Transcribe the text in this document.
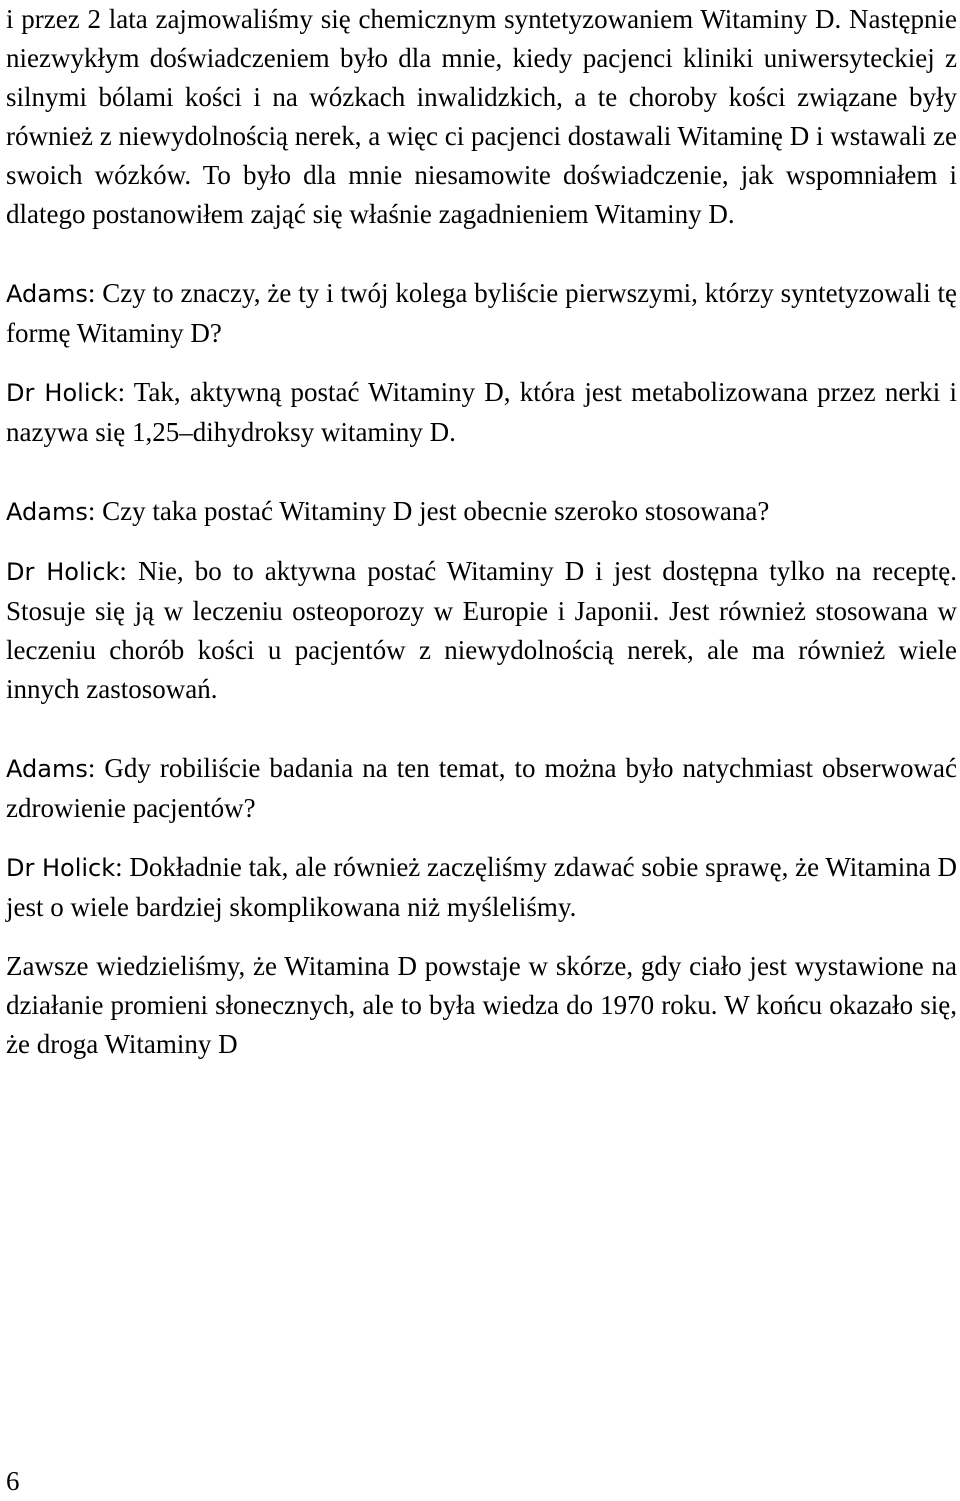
i przez 2 lata zajmowaliśmy się chemicznym syntetyzowaniem Witaminy D. Następnie niezwykłym doświadczeniem było dla mnie, kiedy pacjenci kliniki uniwersyteckiej z silnymi bólami kości i na wózkach inwalidzkich, a te choroby kości związane były również z niewydolnością nerek, a więc ci pacjenci dostawali Witaminę D i wstawali ze swoich wózków. To było dla mnie niesamowite doświadczenie, jak wspomniałem i dlatego postanowiłem zająć się właśnie zagadnieniem Witaminy D.

Adams: Czy to znaczy, że ty i twój kolega byliście pierwszymi, którzy syntetyzowali tę formę Witaminy D?

Dr Holick: Tak, aktywną postać Witaminy D, która jest metabolizowana przez nerki i nazywa się 1,25–dihydroksy witaminy D.

Adams: Czy taka postać Witaminy D jest obecnie szeroko stosowana?

Dr Holick: Nie, bo to aktywna postać Witaminy D i jest dostępna tylko na receptę. Stosuje się ją w leczeniu osteoporozy w Europie i Japonii. Jest również stosowana w leczeniu chorób kości u pacjentów z niewydolnością nerek, ale ma również wiele innych zastosowań.

Adams: Gdy robiliście badania na ten temat, to można było natychmiast obserwować zdrowienie pacjentów?

Dr Holick: Dokładnie tak, ale również zaczęliśmy zdawać sobie sprawę, że Witamina D jest o wiele bardziej skomplikowana niż myśleliśmy.

Zawsze wiedzieliśmy, że Witamina D powstaje w skórze, gdy ciało jest wystawione na działanie promieni słonecznych, ale to była wiedza do 1970 roku. W końcu okazało się, że droga Witaminy D

6
